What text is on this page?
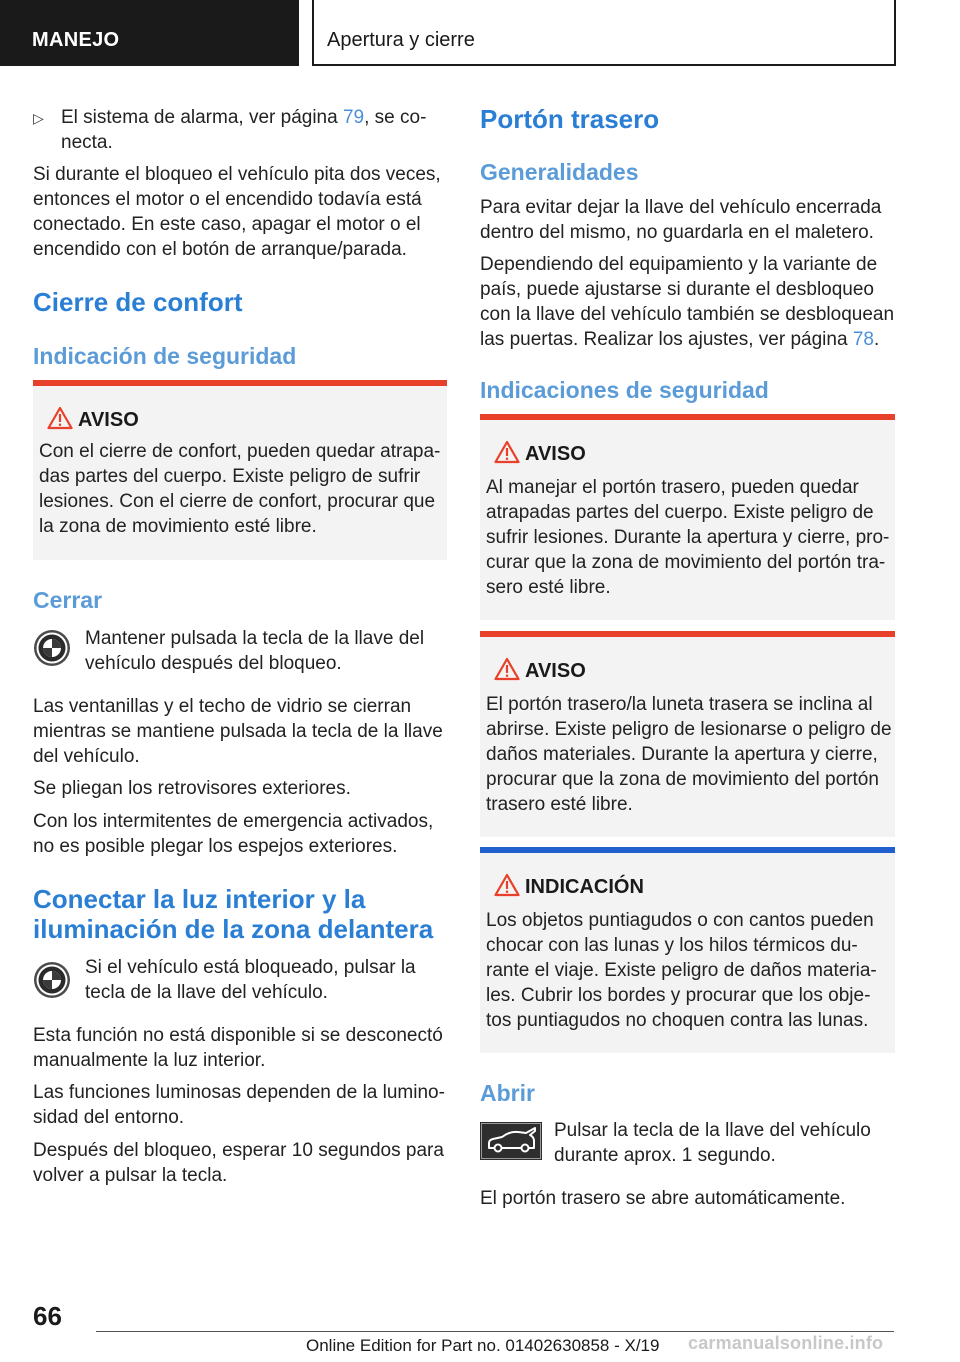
MANEJO	Apertura y cierre
▷ El sistema de alarma, ver página 79, se co-
necta.
Si durante el bloqueo el vehículo pita dos veces, entonces el motor o el encendido todavía está conectado. En este caso, apagar el motor o el encendido con el botón de arranque/parada.
Cierre de confort
Indicación de seguridad
AVISO
Con el cierre de confort, pueden quedar atrapa-das partes del cuerpo. Existe peligro de sufrir lesiones. Con el cierre de confort, procurar que la zona de movimiento esté libre.
Cerrar
Mantener pulsada la tecla de la llave del vehículo después del bloqueo.
Las ventanillas y el techo de vidrio se cierran mientras se mantiene pulsada la tecla de la llave del vehículo.
Se pliegan los retrovisores exteriores.
Con los intermitentes de emergencia activados, no es posible plegar los espejos exteriores.
Conectar la luz interior y la
iluminación de la zona delantera
Si el vehículo está bloqueado, pulsar la tecla de la llave del vehículo.
Esta función no está disponible si se desconectó manualmente la luz interior.
Las funciones luminosas dependen de la lumino-sidad del entorno.
Después del bloqueo, esperar 10 segundos para volver a pulsar la tecla.
Portón trasero
Generalidades
Para evitar dejar la llave del vehículo encerrada dentro del mismo, no guardarla en el maletero.
Dependiendo del equipamiento y la variante de país, puede ajustarse si durante el desbloqueo con la llave del vehículo también se desbloquean las puertas. Realizar los ajustes, ver página 78.
Indicaciones de seguridad
AVISO
Al manejar el portón trasero, pueden quedar atrapadas partes del cuerpo. Existe peligro de sufrir lesiones. Durante la apertura y cierre, pro-curar que la zona de movimiento del portón tra-sero esté libre.
AVISO
El portón trasero/la luneta trasera se inclina al abrirse. Existe peligro de lesionarse o peligro de daños materiales. Durante la apertura y cierre, procurar que la zona de movimiento del portón trasero esté libre.
INDICACIÓN
Los objetos puntiagudos o con cantos pueden chocar con las lunas y los hilos térmicos du-rante el viaje. Existe peligro de daños materia-les. Cubrir los bordes y procurar que los obje-tos puntiagudos no choquen contra las lunas.
Abrir
Pulsar la tecla de la llave del vehículo durante aprox. 1 segundo.
El portón trasero se abre automáticamente.
66
Online Edition for Part no. 01402630858 - X/19 carmanualsonline.info
